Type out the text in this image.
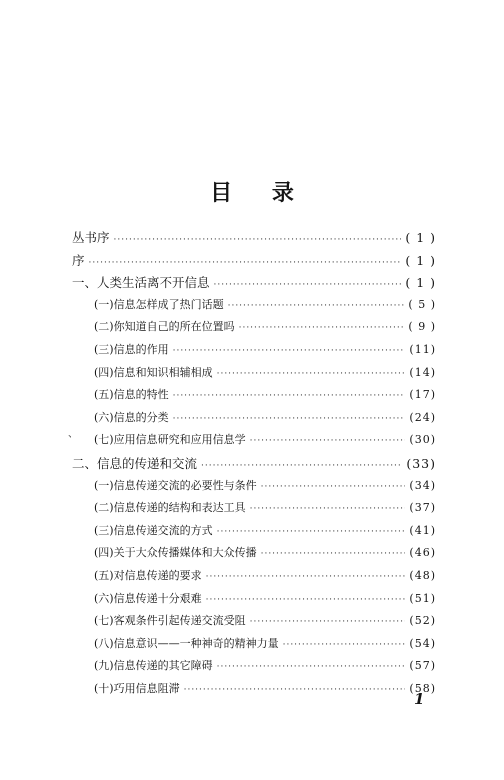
目 录
丛书序 ·····	( 1 )
序 ·····	( 1 )
一、人类生活离不开信息 ·····	( 1 )
(一)信息怎样成了热门话题 ·····	( 5 )
(二)你知道自己的所在位置吗 ·····	( 9 )
(三)信息的作用 ·····	(11)
(四)信息和知识相辅相成 ·····	(14)
(五)信息的特性 ·····	(17)
(六)信息的分类 ·····	(24)
(七)应用信息研究和应用信息学 ·····	(30)
二、信息的传递和交流 ·····	(33)
(一)信息传递交流的必要性与条件 ·····	(34)
(二)信息传递的结构和表达工具 ·····	(37)
(三)信息传递交流的方式 ·····	(41)
(四)关于大众传播媒体和大众传播 ·····	(46)
(五)对信息传递的要求 ·····	(48)
(六)信息传递十分艰难 ·····	(51)
(七)客观条件引起传递交流受阻 ·····	(52)
(八)信息意识——一种神奇的精神力量 ·····	(54)
(九)信息传递的其它障碍 ·····	(57)
(十)巧用信息阻滞 ·····	(58)
、
1
